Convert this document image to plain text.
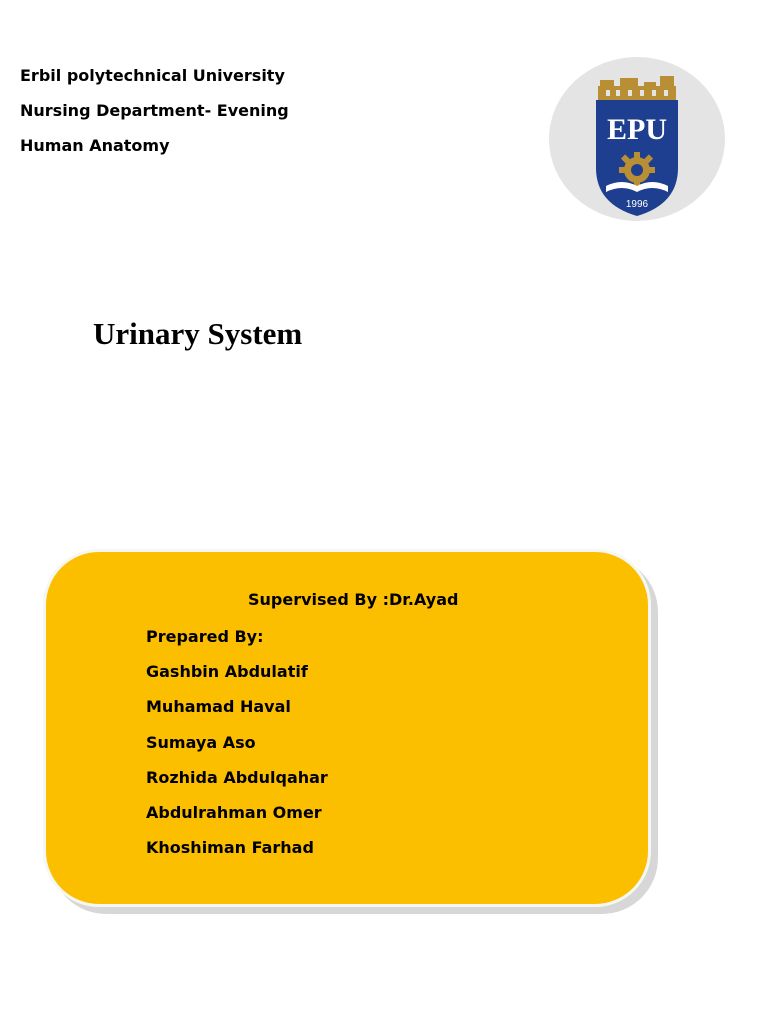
Erbil polytechnical University
Nursing Department- Evening
Human Anatomy	EPU
1996
Urinary System
Supervised By :Dr.Ayad
Prepared By:
Gashbin Abdulatif
Muhamad Haval
Sumaya Aso
Rozhida Abdulqahar
Abdulrahman Omer
Khoshiman Farhad
